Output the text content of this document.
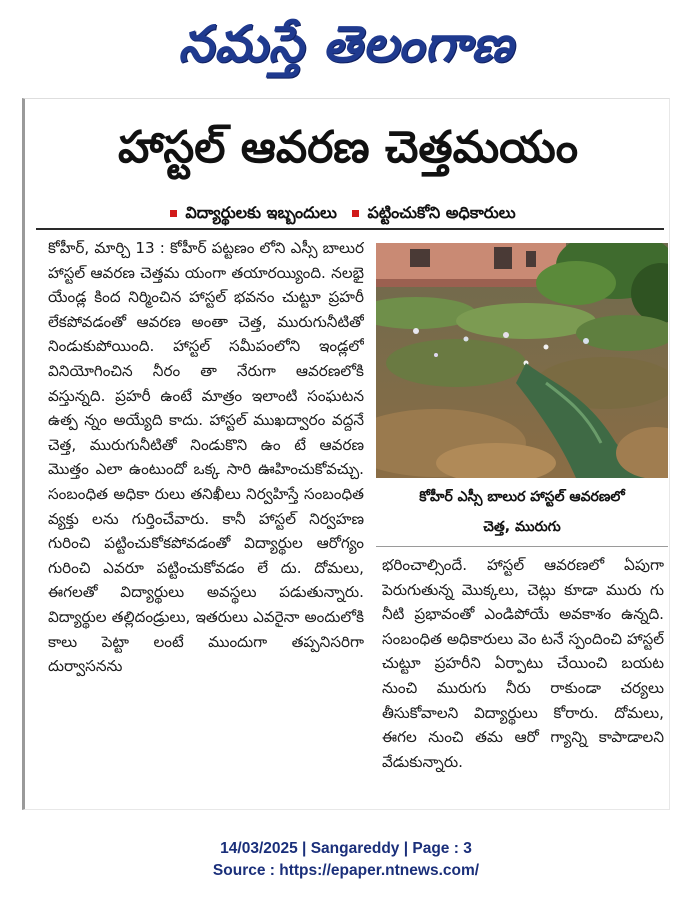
నమస్తే తెలంగాణ
హాస్టల్ ఆవరణ చెత్తమయం
విద్యార్థులకు ఇబ్బందులు పట్టించుకోని అధికారులు

కోహీర్, మార్చి 13 : కోహీర్ పట్టణం లోని ఎస్సీ బాలుర హాస్టల్ ఆవరణ చెత్తమ యంగా తయారయ్యింది. నలభై యేండ్ల కింద నిర్మించిన హాస్టల్ భవనం చుట్టూ ప్రహరీ లేకపోవడంతో ఆవరణ అంతా చెత్త, మురుగునీటితో నిండుకుపోయింది. హాస్టల్ సమీపంలోని ఇండ్లలో వినియోగించిన నీరం తా నేరుగా ఆవరణలోకి వస్తున్నది. ప్రహరీ ఉంటే మాత్రం ఇలాంటి సంఘటన ఉత్ప న్నం అయ్యేది కాదు. హాస్టల్ ముఖద్వారం వద్దనే చెత్త, మురుగునీటితో నిండుకొని ఉం టే ఆవరణ మొత్తం ఎలా ఉంటుందో ఒక్క సారి ఊహించుకోవచ్చు. సంబంధిత అధికా రులు తనిఖీలు నిర్వహిస్తే సంబంధిత వ్యక్తు లను గుర్తించేవారు. కానీ హాస్టల్ నిర్వహణ గురించి పట్టించుకోకపోవడంతో విద్యార్థుల ఆరోగ్యం గురించి ఎవరూ పట్టించుకోవడం లే దు. దోమలు, ఈగలతో విద్యార్థులు అవస్థలు పడుతున్నారు. విద్యార్థుల తల్లిదండ్రులు, ఇతరులు ఎవరైనా అందులోకి కాలు పెట్టా లంటే ముందుగా తప్పనిసరిగా దుర్వాసనను

కోహీర్ ఎస్సీ బాలుర హాస్టల్ ఆవరణలో
చెత్త, మురుగు

భరించాల్సిందే. హాస్టల్ ఆవరణలో ఏపుగా పెరుగుతున్న మొక్కలు, చెట్లు కూడా మురు గు నీటి ప్రభావంతో ఎండిపోయే అవకాశం ఉన్నది. సంబంధిత అధికారులు వెం టనే స్పందించి హాస్టల్ చుట్టూ ప్రహరీని ఏర్పాటు చేయించి బయట నుంచి మురుగు నీరు రాకుండా చర్యలు తీసుకోవాలని విద్యార్థులు కోరారు. దోమలు, ఈగల నుంచి తమ ఆరో గ్యాన్ని కాపాడాలని వేడుకున్నారు.

14/03/2025 | Sangareddy | Page : 3
Source : https://epaper.ntnews.com/
